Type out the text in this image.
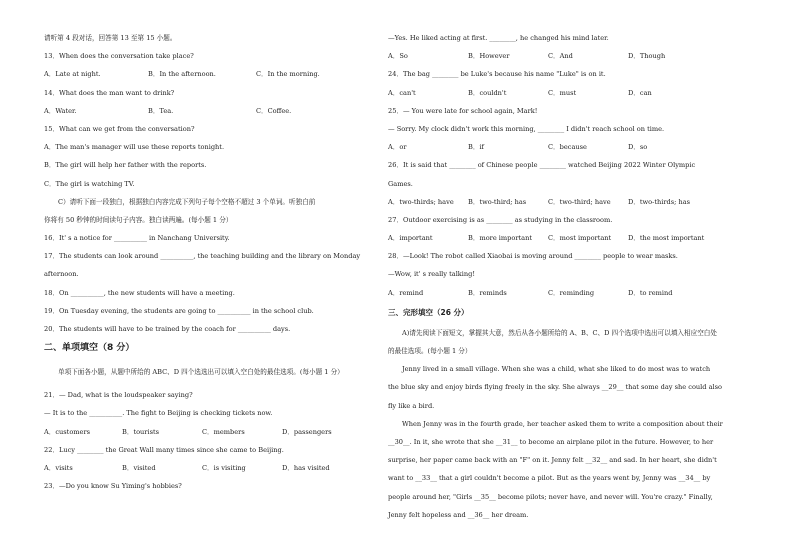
请听第 4 段对话，回答第 13 至第 15 小题。

13．When does the conversation take place?

A．Late at night.	B．In the afternoon.	C．In the morning.

14．What does the man want to drink?

A．Water.	B．Tea.	C．Coffee.

15．What can we get from the conversation?

A．The man's manager will use these reports tonight.

B．The girl will help her father with the reports.

C．The girl is watching TV.

C）请听下面一段独白，根据独白内容完成下列句子每个空格不超过 3 个单词。听独白前

你将有 50 秒钟的时间读句子内容。独白读两遍。(每小题 1 分）

16．It' s a notice for __________ in Nanchang University.

17．The students can look around __________, the teaching building and the library on Monday

afternoon.

18．On __________, the new students will have a meeting.

19．On Tuesday evening, the students are going to __________ in the school club.

20．The students will have to be trained by the coach for __________ days.

二、单项填空（8 分）

单项下面各小题，从题中所给的 ABC、D 四个选选出可以填入空白处的最佳选项。(每小题 1 分）

21．— Dad, what is the loudspeaker saying?

— It is to the __________. The fight to Beijing is checking tickets now.

A．customers	B．tourists	C．members	D．passengers

22．Lucy ________ the Great Wall many times since she came to Beijing.

A．visits	B．visited	C．is visiting	D．has visited

23．—Do you know Su Yiming's hobbies?

—Yes. He liked acting at first. ________, he changed his mind later.

A．So	B．However	C．And	D．Though

24．The bag ________ be Luke's because his name "Luke" is on it.

A．can't	B．couldn't	C．must	D．can

25．— You were late for school again, Mark!

— Sorry. My clock didn't work this morning, ________ I didn't reach school on time.

A．or	B．if	C．because	D．so

26．It is said that ________ of Chinese people ________ watched Beijing 2022 Winter Olympic

Games.

A．two-thirds; have	B．two-third; has	C．two-third; have	D．two-thirds; has

27．Outdoor exercising is as ________ as studying in the classroom.

A．important	B．more important	C．most important	D．the most important

28．—Look! The robot called Xiaobai is moving around ________ people to wear masks.

—Wow, it' s really talking!

A．remind	B．reminds	C．reminding	D．to remind

三、完形填空（26 分）

A)请先阅读下面短文，掌握其大意，然后从各小题所给的 A、B、C、D 四个选项中选出可以填入相应空白处的最佳选项。(每小题 1 分）

Jenny lived in a small village. When she was a child, what she liked to do most was to watch the blue sky and enjoy birds flying freely in the sky. She always __29__ that some day she could also fly like a bird.

When Jenny was in the fourth grade, her teacher asked them to write a composition about their __30__. In it, she wrote that she __31__ to become an airplane pilot in the future. However, to her surprise, her paper came back with an "F" on it. Jenny felt __32__ and sad. In her heart, she didn't want to __33__ that a girl couldn't become a pilot. But as the years went by, Jenny was __34__ by people around her, "Girls __35__ become pilots; never have, and never will. You're crazy." Finally, Jenny felt hopeless and __36__ her dream.
